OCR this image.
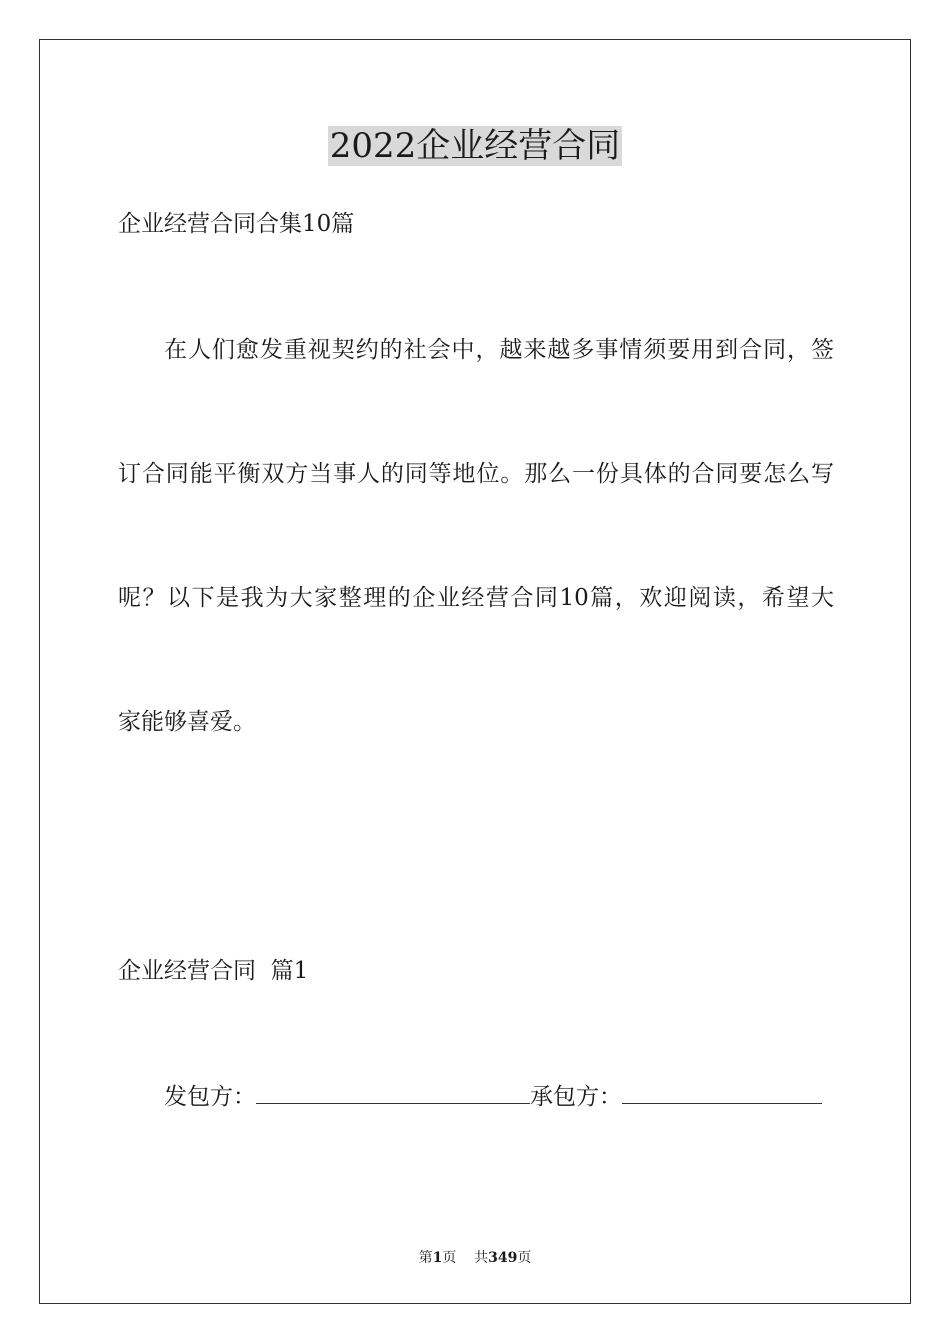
2022企业经营合同
企业经营合同合集10篇
在人们愈发重视契约的社会中，越来越多事情须要用到合同，签
订合同能平衡双方当事人的同等地位。那么一份具体的合同要怎么写
呢？以下是我为大家整理的企业经营合同10篇，欢迎阅读，希望大
家能够喜爱。
企业经营合同  篇1
发包方：	承包方：
第1页 共349页
